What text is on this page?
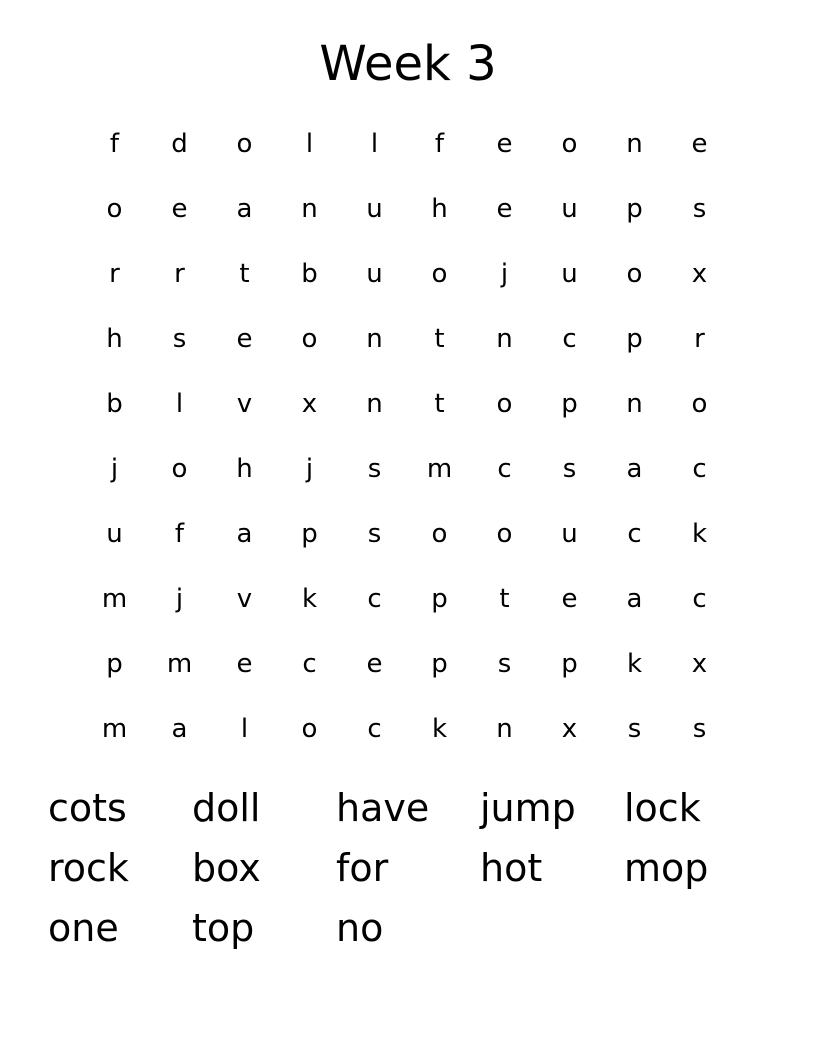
Week 3
f	d	o	l	l	f	e	o	n	e
o	e	a	n	u	h	e	u	p	s
r	r	t	b	u	o	j	u	o	x
h	s	e	o	n	t	n	c	p	r
b	l	v	x	n	t	o	p	n	o
j	o	h	j	s	m	c	s	a	c
u	f	a	p	s	o	o	u	c	k
m	j	v	k	c	p	t	e	a	c
p	m	e	c	e	p	s	p	k	x
m	a	l	o	c	k	n	x	s	s
cots	doll	have	jump	lock
rock	box	for	hot	mop
one	top	no
